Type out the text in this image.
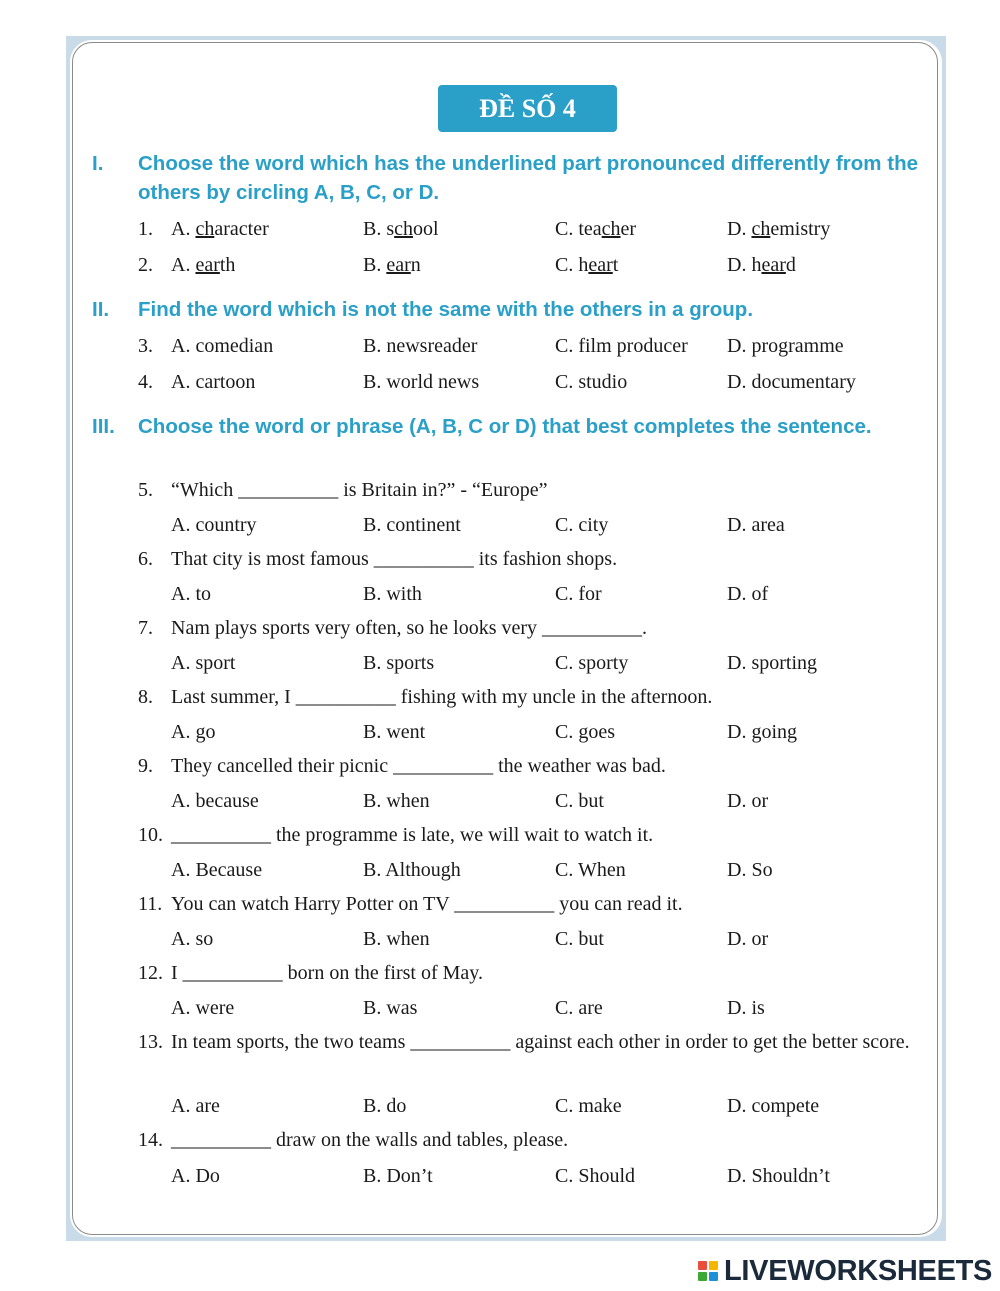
ĐỀ SỐ 4
I. Choose the word which has the underlined part pronounced differently from the others by circling A, B, C, or D.
1. A. character	B. school	C. teacher	D. chemistry
2. A. earth	B. earn	C. heart	D. heard
II. Find the word which is not the same with the others in a group.
3. A. comedian	B. newsreader	C. film producer D. programme
4. A. cartoon	B. world news	C. studio	D. documentary
III. Choose the word or phrase (A, B, C or D) that best completes the sentence.
5. “Which __________ is Britain in?” - “Europe”
A. country	B. continent	C. city	D. area
6. That city is most famous __________ its fashion shops.
A. to	B. with	C. for	D. of
7. Nam plays sports very often, so he looks very __________.
A. sport	B. sports	C. sporty	D. sporting
8. Last summer, I __________ fishing with my uncle in the afternoon.
A. go	B. went	C. goes	D. going
9. They cancelled their picnic __________ the weather was bad.
A. because	B. when	C. but	D. or
10. __________ the programme is late, we will wait to watch it.
A. Because	B. Although	C. When	D. So
11. You can watch Harry Potter on TV __________ you can read it.
A. so	B. when	C. but	D. or
12. I __________ born on the first of May.
A. were	B. was	C. are	D. is
13. In team sports, the two teams __________ against each other in order to get the better score.
A. are	B. do	C. make	D. compete
14. __________ draw on the walls and tables, please.
A. Do	B. Don’t	C. Should	D. Shouldn’t
LIVEWORKSHEETS
